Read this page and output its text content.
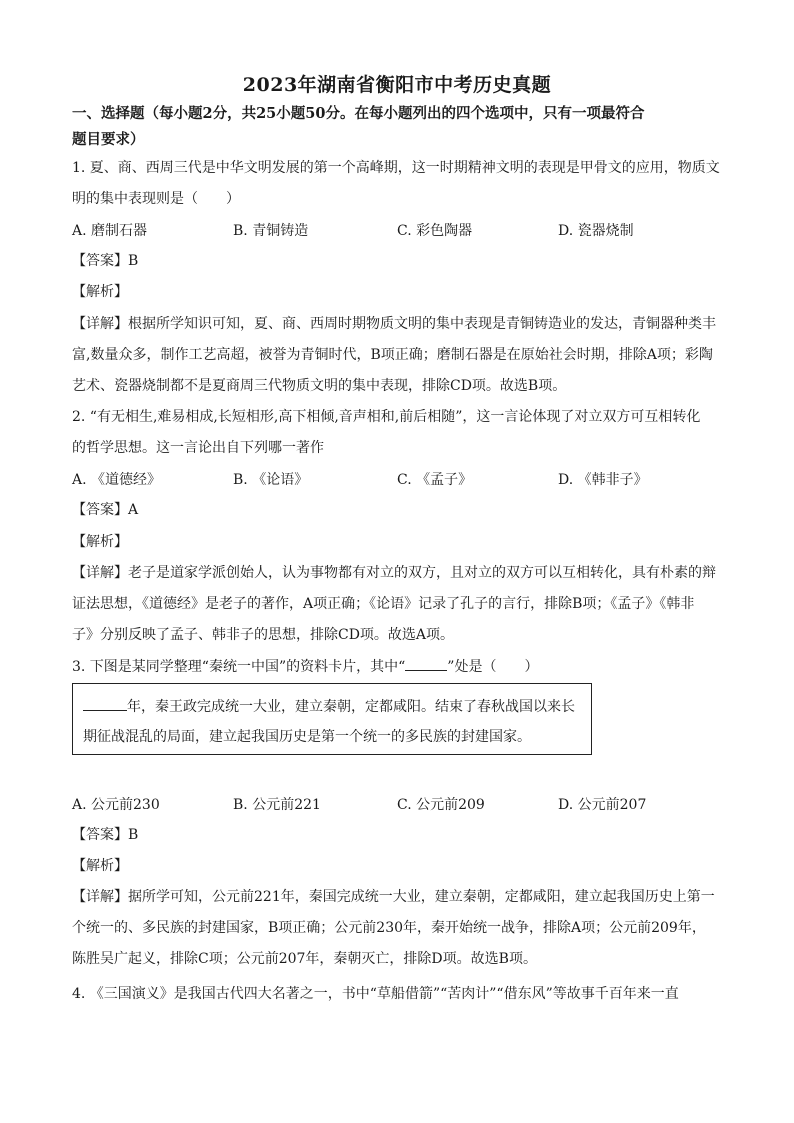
2023年湖南省衡阳市中考历史真题
一、选择题（每小题2分，共25小题50分。在每小题列出的四个选项中，只有一项最符合
题目要求）
1. 夏、商、西周三代是中华文明发展的第一个高峰期，这一时期精神文明的表现是甲骨文的应用，物质文
明的集中表现则是（　　）
A. 磨制石器	B. 青铜铸造	C. 彩色陶器	D. 瓷器烧制
【答案】B
【解析】
【详解】根据所学知识可知，夏、商、西周时期物质文明的集中表现是青铜铸造业的发达，青铜器种类丰
富,数量众多，制作工艺高超，被誉为青铜时代，B项正确；磨制石器是在原始社会时期，排除A项；彩陶
艺术、瓷器烧制都不是夏商周三代物质文明的集中表现，排除CD项。故选B项。
2. “有无相生,难易相成,长短相形,高下相倾,音声相和,前后相随”，这一言论体现了对立双方可互相转化
的哲学思想。这一言论出自下列哪一著作
A. 《道德经》	B. 《论语》	C. 《孟子》	D. 《韩非子》
【答案】A
【解析】
【详解】老子是道家学派创始人，认为事物都有对立的双方，且对立的双方可以互相转化，具有朴素的辩
证法思想，《道德经》是老子的著作，A项正确；《论语》记录了孔子的言行，排除B项；《孟子》《韩非
子》分别反映了孟子、韩非子的思想，排除CD项。故选A项。
3. 下图是某同学整理“秦统一中国”的资料卡片，其中“	”处是（　　）
年，秦王政完成统一大业，建立秦朝，定都咸阳。结束了春秋战国以来长
期征战混乱的局面，建立起我国历史是第一个统一的多民族的封建国家。
A. 公元前230	B. 公元前221	C. 公元前209	D. 公元前207
【答案】B
【解析】
【详解】据所学可知，公元前221年，秦国完成统一大业，建立秦朝，定都咸阳，建立起我国历史上第一
个统一的、多民族的封建国家，B项正确；公元前230年，秦开始统一战争，排除A项；公元前209年，
陈胜吴广起义，排除C项；公元前207年，秦朝灭亡，排除D项。故选B项。
4. 《三国演义》是我国古代四大名著之一，书中“草船借箭”“苦肉计”“借东风”等故事千百年来一直
